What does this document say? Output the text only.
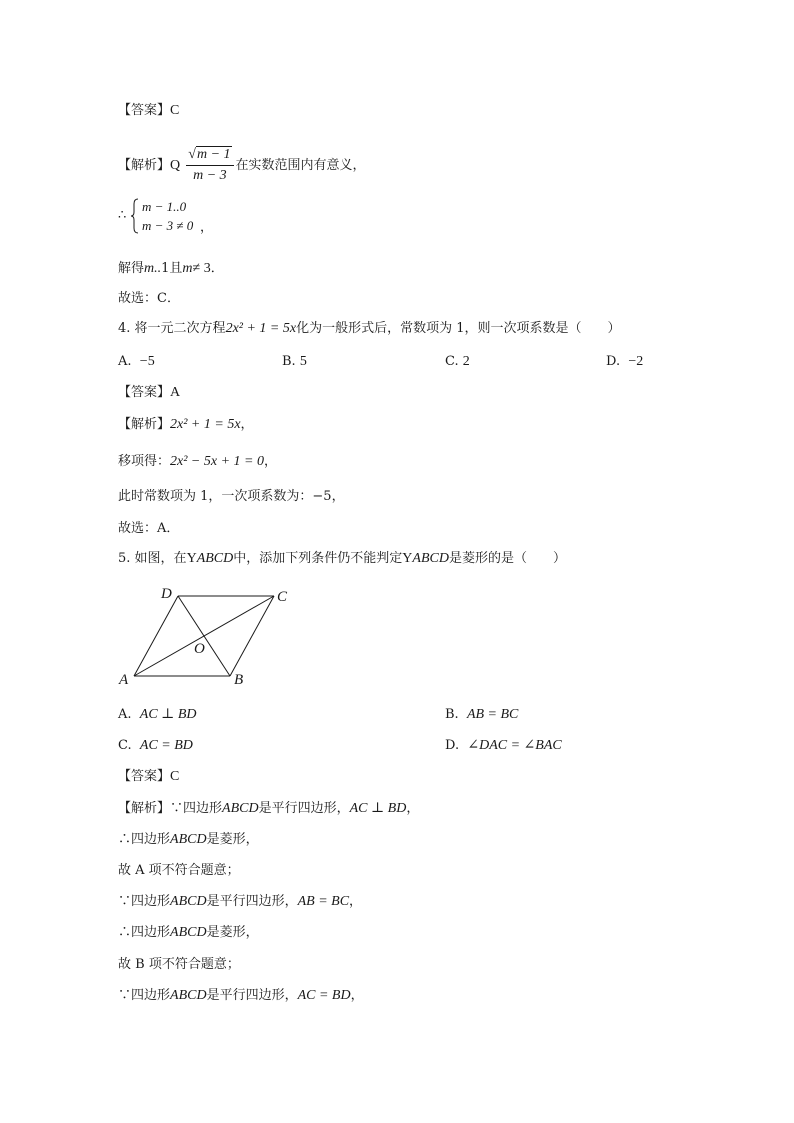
【答案】C
【解析】Q $\frac{√m - 1}{m - 3}$ 在实数范围内有意义，
∴
m − 1..0
m − 3 ≠ 0 ，
解得m..1且m≠ 3．
故选：C．
4. 将一元二次方程2x² + 1 = 5x化为一般形式后，常数项为 1，则一次项系数是（　　）
A. −5	B. 5	C. 2	D. −2
【答案】A
【解析】2x² + 1 = 5x，
移项得：2x² − 5x + 1 = 0，
此时常数项为 1，一次项系数为：−5，
故选：A．
5. 如图，在YABCD中，添加下列条件仍不能判定YABCD是菱形的是（　　）
D	C
O
A	B
A. AC ⊥ BD	B. AB = BC
C. AC = BD	D. ∠DAC = ∠BAC
【答案】C
【解析】∵四边形ABCD是平行四边形，AC ⊥ BD，
∴四边形ABCD是菱形，
故 A 项不符合题意；
∵四边形ABCD是平行四边形，AB = BC，
∴四边形ABCD是菱形，
故 B 项不符合题意；
∵四边形ABCD是平行四边形，AC = BD，
